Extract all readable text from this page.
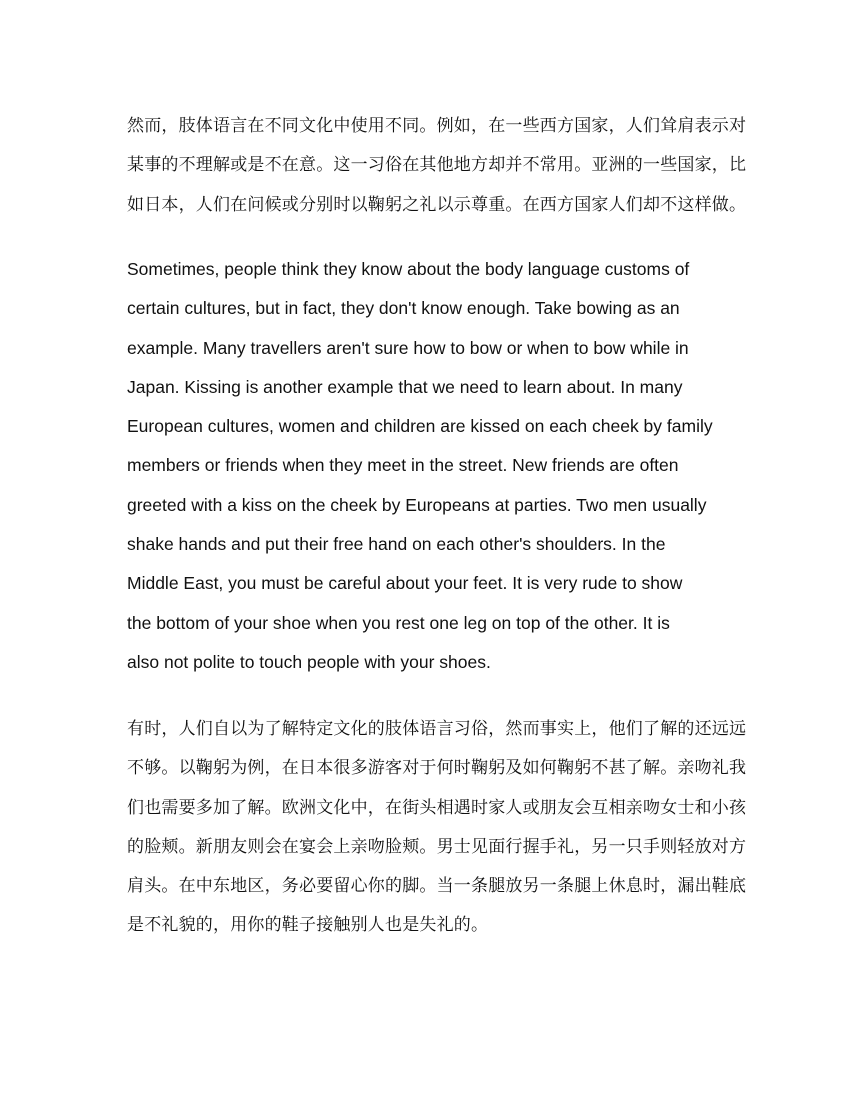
然而，肢体语言在不同文化中使用不同。例如，在一些西方国家，人们耸肩表示对
某事的不理解或是不在意。这一习俗在其他地方却并不常用。亚洲的一些国家，比
如日本，人们在问候或分别时以鞠躬之礼以示尊重。在西方国家人们却不这样做。

Sometimes, people think they know about the body language customs of
certain cultures, but in fact, they don't know enough. Take bowing as an
example. Many travellers aren't sure how to bow or when to bow while in
Japan. Kissing is another example that we need to learn about. In many
European cultures, women and children are kissed on each cheek by family
members or friends when they meet in the street. New friends are often
greeted with a kiss on the cheek by Europeans at parties. Two men usually
shake hands and put their free hand on each other's shoulders. In the
Middle East, you must be careful about your feet. It is very rude to show
the bottom of your shoe when you rest one leg on top of the other. It is
also not polite to touch people with your shoes.

有时，人们自以为了解特定文化的肢体语言习俗，然而事实上，他们了解的还远远
不够。以鞠躬为例，在日本很多游客对于何时鞠躬及如何鞠躬不甚了解。亲吻礼我
们也需要多加了解。欧洲文化中，在街头相遇时家人或朋友会互相亲吻女士和小孩
的脸颊。新朋友则会在宴会上亲吻脸颊。男士见面行握手礼，另一只手则轻放对方
肩头。在中东地区，务必要留心你的脚。当一条腿放另一条腿上休息时，漏出鞋底
是不礼貌的，用你的鞋子接触别人也是失礼的。
